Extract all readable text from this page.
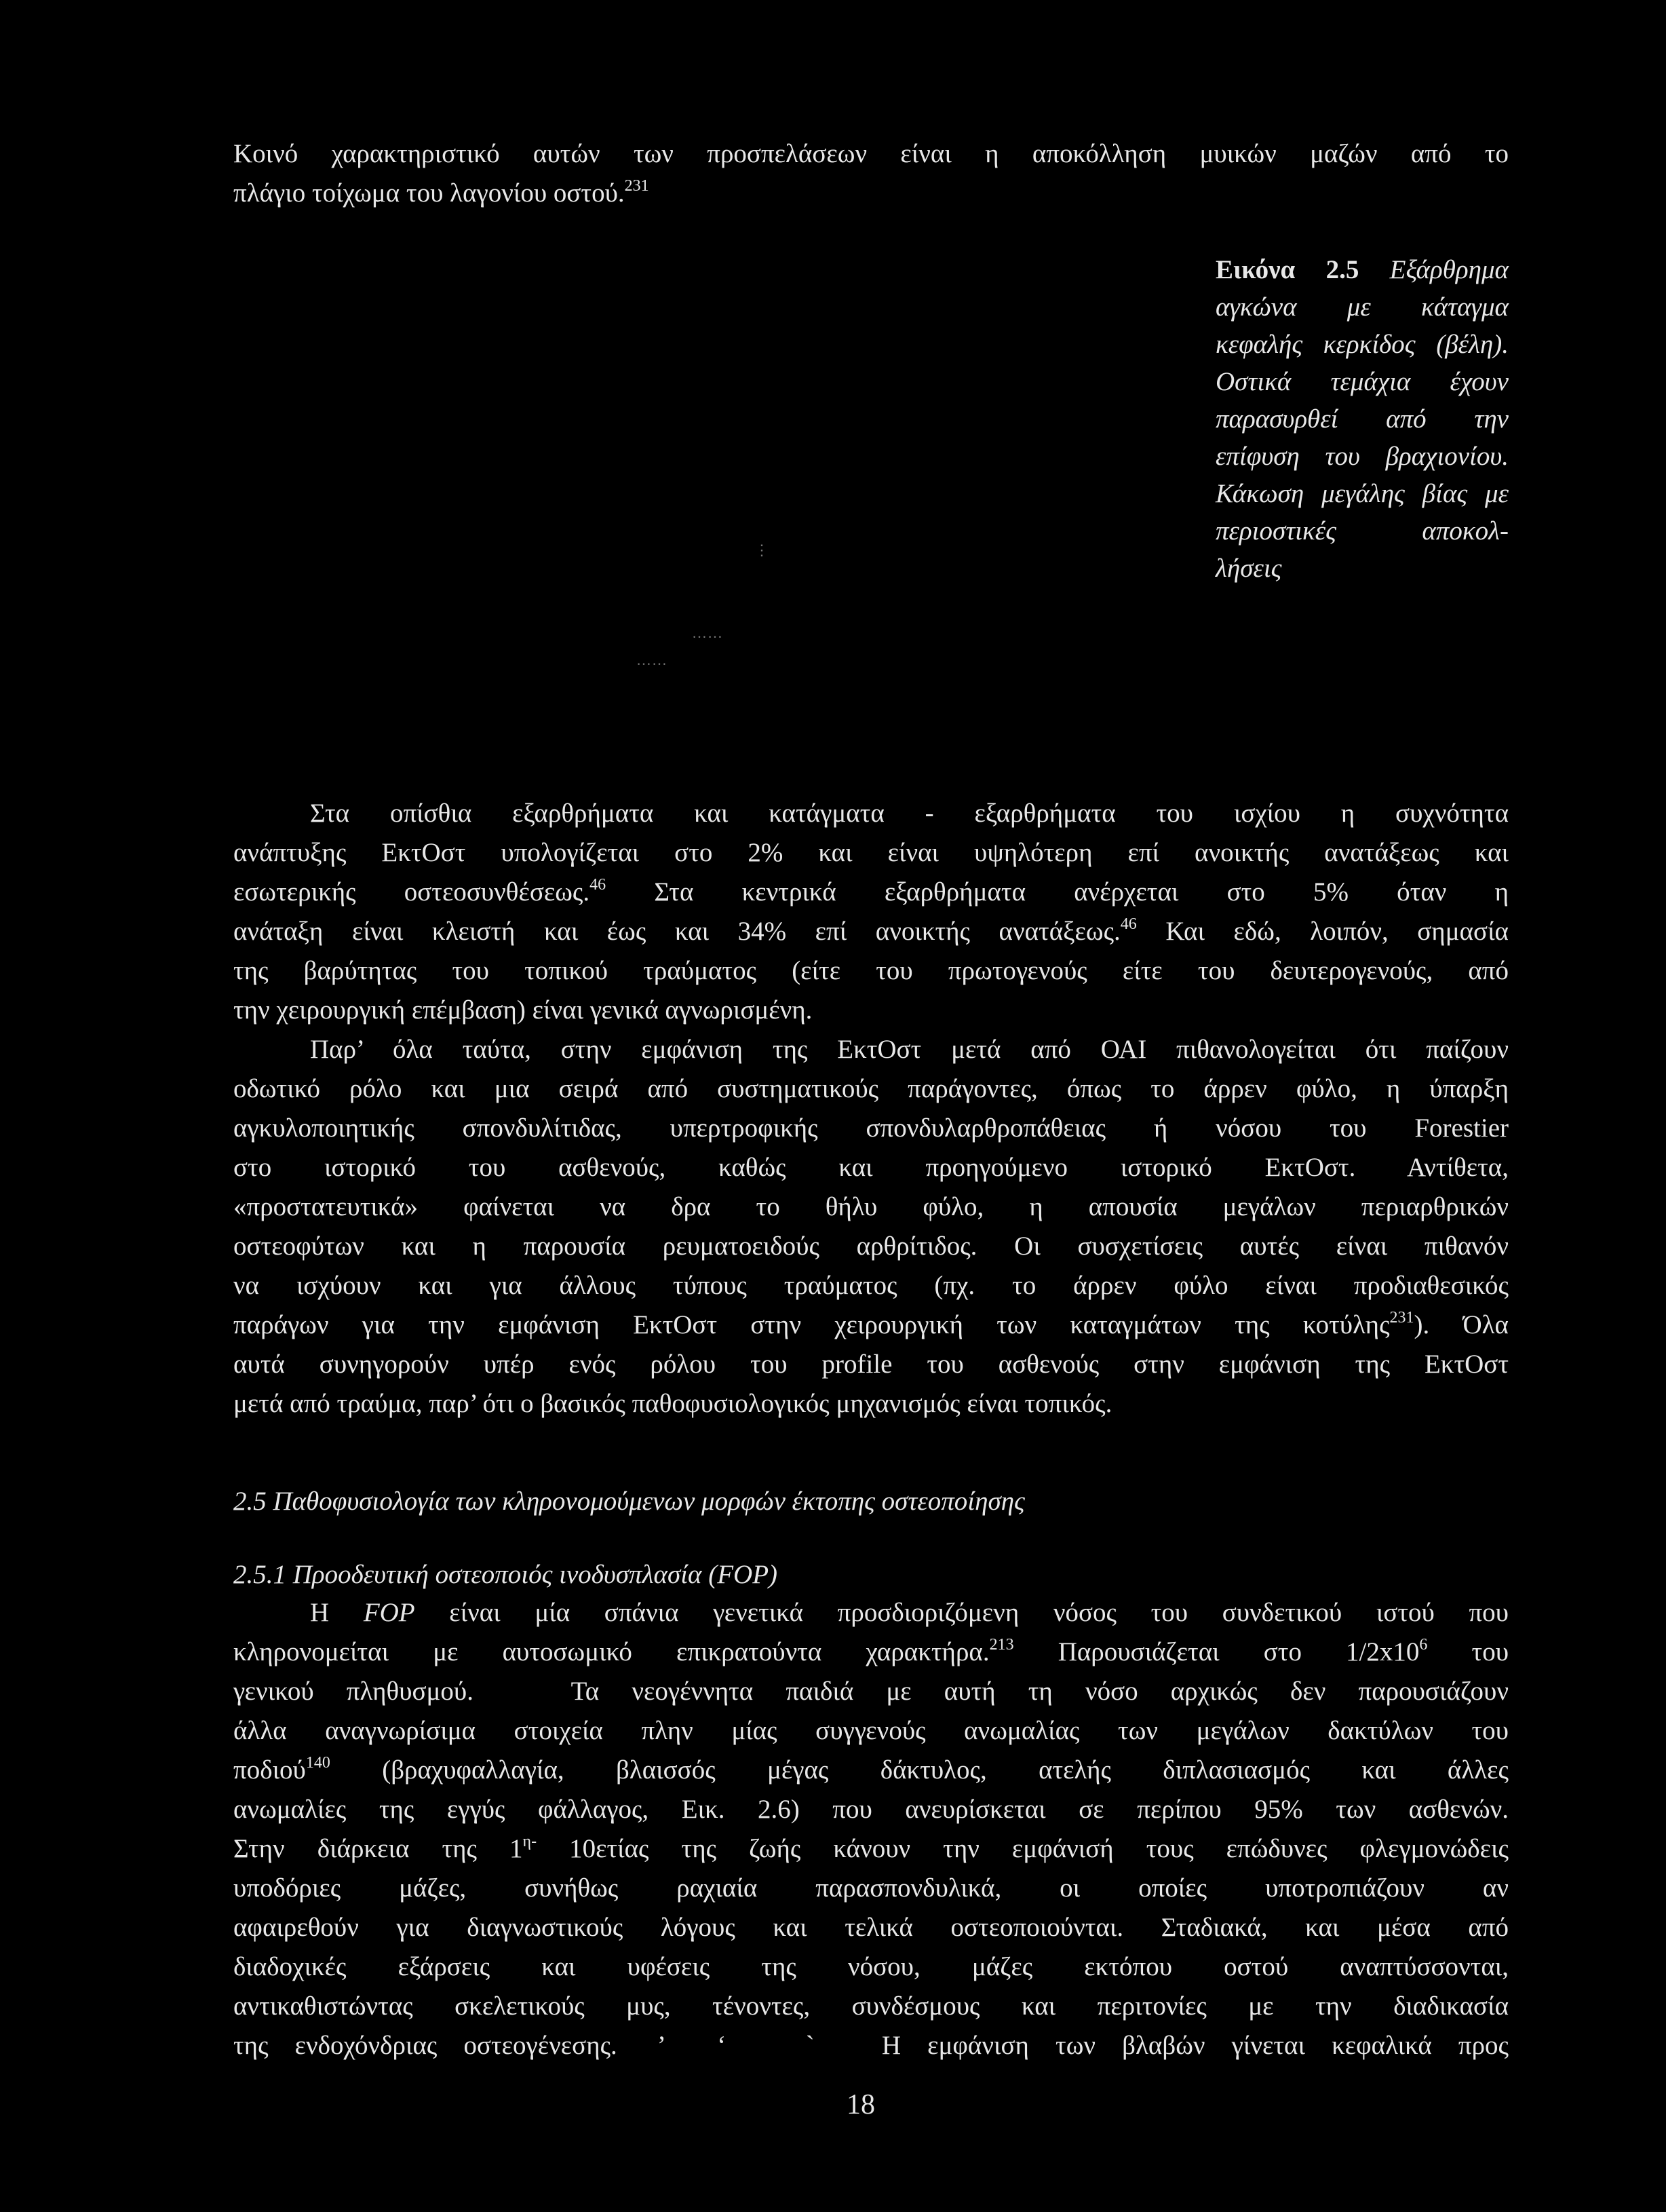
Κοινό χαρακτηριστικό αυτών των προσπελάσεων είναι η αποκόλληση μυικών μαζών από το
πλάγιο τοίχωμα του λαγονίου οστού.$^{231}$
Εικόνα 2.5 Εξάρθρημα αγκώνα με κάταγμα κεφαλής κερκίδος (βέλη). Οστικά τεμάχια έχουν παρασυρθεί από την επίφυση του βραχιονίου. Κάκωση μεγάλης βίας με περιοστικές αποκολ-
λήσεις
⋮
……
……
Στα οπίσθια εξαρθρήματα και κατάγματα - εξαρθρήματα του ισχίου η συχνότητα
ανάπτυξης ΕκτΟστ υπολογίζεται στο 2% και είναι υψηλότερη επί ανοικτής ανατάξεως και
εσωτερικής οστεοσυνθέσεως.$^{46}$ Στα κεντρικά εξαρθρήματα ανέρχεται στο 5% όταν η
ανάταξη είναι κλειστή και έως και 34% επί ανοικτής ανατάξεως.$^{46}$ Και εδώ, λοιπόν, σημασία
της βαρύτητας του τοπικού τραύματος (είτε του πρωτογενούς είτε του δευτερογενούς, από
την χειρουργική επέμβαση) είναι γενικά αγνωρισμένη.
Παρ’ όλα ταύτα, στην εμφάνιση της ΕκτΟστ μετά από ΟΑΙ πιθανολογείται ότι παίζουν
οδωτικό ρόλο και μια σειρά από συστηματικούς παράγοντες, όπως το άρρεν φύλο, η ύπαρξη
αγκυλοποιητικής σπονδυλίτιδας, υπερτροφικής σπονδυλαρθροπάθειας ή νόσου του Forestier
στο ιστορικό του ασθενούς, καθώς και προηγούμενο ιστορικό ΕκτΟστ. Αντίθετα,
«προστατευτικά» φαίνεται να δρα το θήλυ φύλο, η απουσία μεγάλων περιαρθρικών
οστεοφύτων και η παρουσία ρευματοειδούς αρθρίτιδος. Οι συσχετίσεις αυτές είναι πιθανόν
να ισχύουν και για άλλους τύπους τραύματος (πχ. το άρρεν φύλο είναι προδιαθεσικός
παράγων για την εμφάνιση ΕκτΟστ στην χειρουργική των καταγμάτων της κοτύλης$^{231}$). Όλα
αυτά συνηγορούν υπέρ ενός ρόλου του profile του ασθενούς στην εμφάνιση της ΕκτΟστ
μετά από τραύμα, παρ’ ότι ο βασικός παθοφυσιολογικός μηχανισμός είναι τοπικός.
2.5 Παθοφυσιολογία των κληρονομούμενων μορφών έκτοπης οστεοποίησης
2.5.1 Προοδευτική οστεοποιός ινοδυσπλασία (FOP)
Η FOP είναι μία σπάνια γενετικά προσδιοριζόμενη νόσος του συνδετικού ιστού που
κληρονομείται με αυτοσωμικό επικρατούντα χαρακτήρα.$^{213}$ Παρουσιάζεται στο $1/2x10^6$ του
γενικού πληθυσμού.   Τα νεογέννητα παιδιά με αυτή τη νόσο αρχικώς δεν παρουσιάζουν
άλλα αναγνωρίσιμα στοιχεία πλην μίας συγγενούς ανωμαλίας των μεγάλων δακτύλων του
ποδιού$^{140}$ (βραχυφαλλαγία, βλαισσός μέγας δάκτυλος, ατελής διπλασιασμός και άλλες
ανωμαλίες της εγγύς φάλλαγος, Εικ. 2.6) που ανευρίσκεται σε περίπου 95% των ασθενών.
Στην διάρκεια της $1^{\eta-}$ 10ετίας της ζωής κάνουν την εμφάνισή τους επώδυνες φλεγμονώδεις
υποδόριες μάζες, συνήθως ραχιαία παρασπονδυλικά, οι οποίες υποτροπιάζουν αν
αφαιρεθούν για διαγνωστικούς λόγους και τελικά οστεοποιούνται. Σταδιακά, και μέσα από
διαδοχικές εξάρσεις και υφέσεις της νόσου, μάζες εκτόπου οστού αναπτύσσονται,
αντικαθιστώντας σκελετικούς μυς, τένοντες, συνδέσμους και περιτονίες με την διαδικασία
της ενδοχόνδριας οστεογένεσης. ’  ‘   `	Η εμφάνιση των βλαβών γίνεται κεφαλικά προς
18
